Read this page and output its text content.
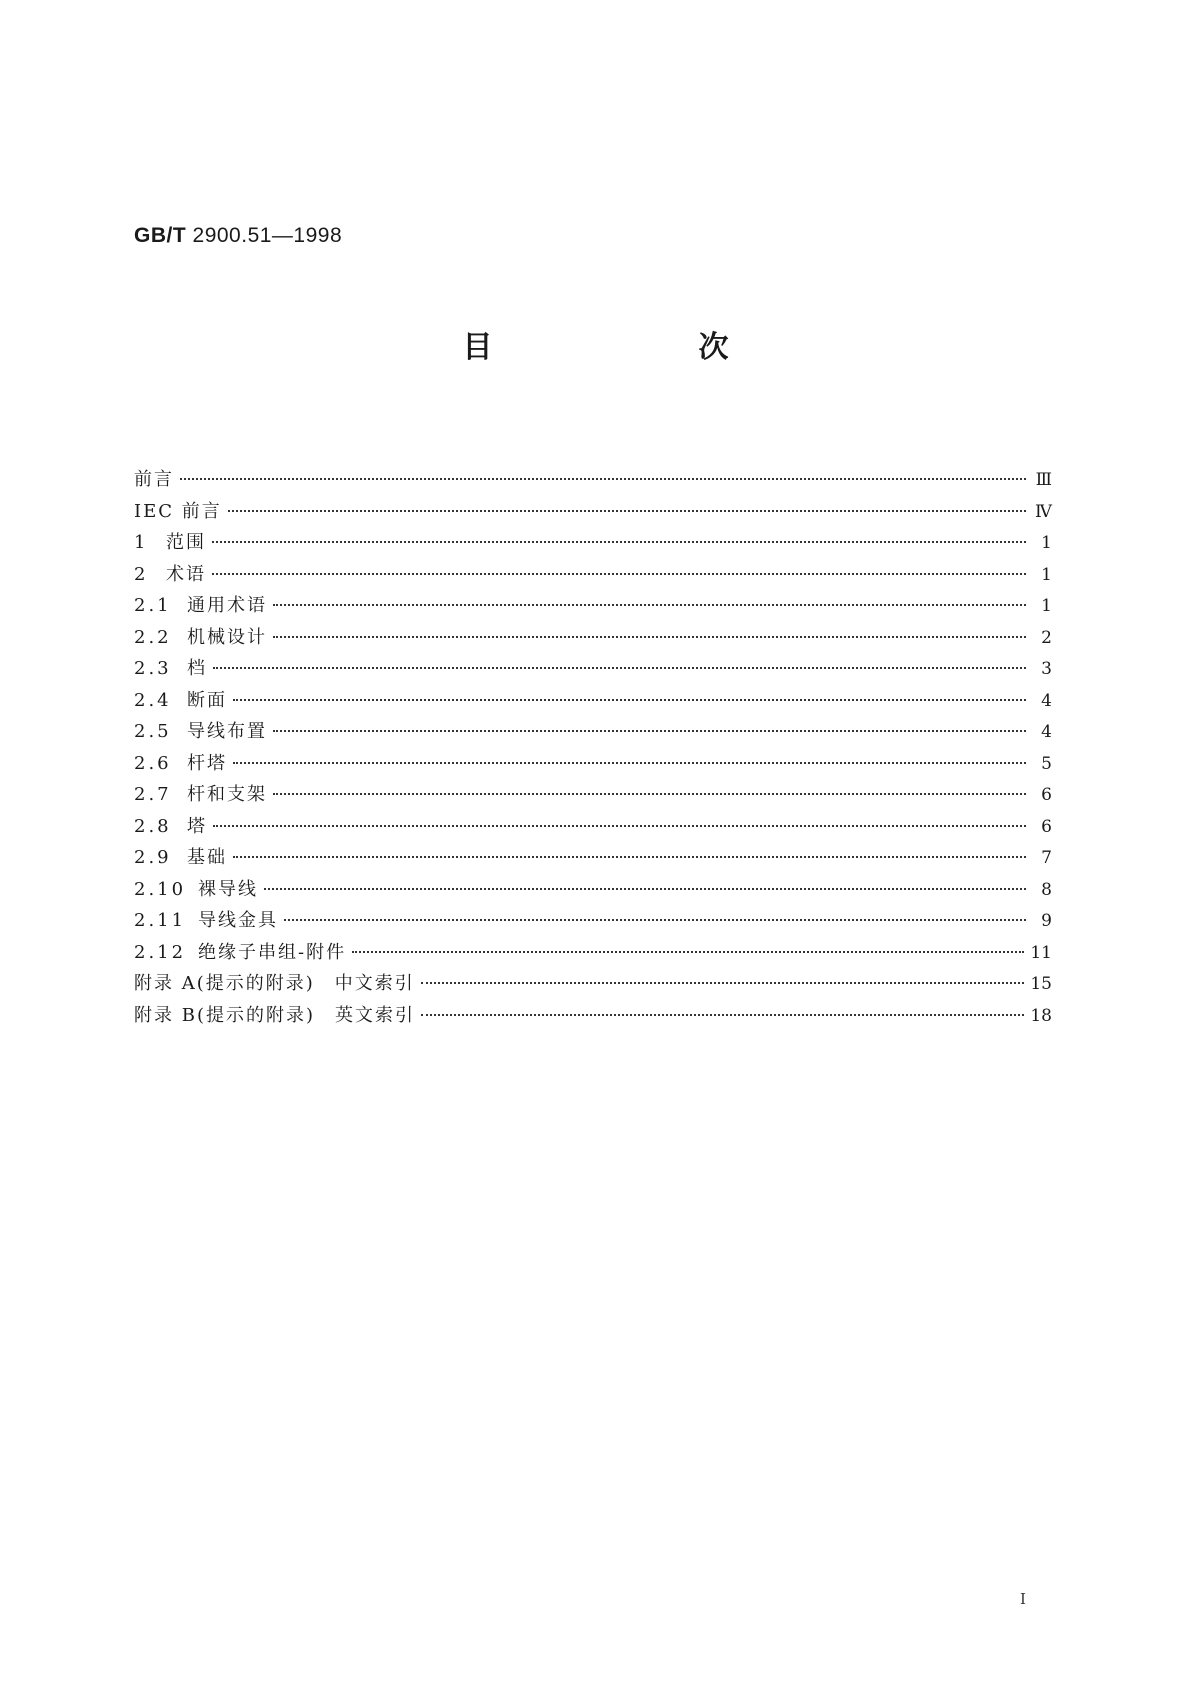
GB/T 2900.51—1998
目　次
前言	Ⅲ
IEC 前言	Ⅳ
1 范围	1
2 术语	1
2.1 通用术语	1
2.2 机械设计	2
2.3 档	3
2.4 断面	4
2.5 导线布置	4
2.6 杆塔	5
2.7 杆和支架	6
2.8 塔	6
2.9 基础	7
2.10 裸导线	8
2.11 导线金具	9
2.12 绝缘子串组-附件	11
附录 A(提示的附录)　中文索引	15
附录 B(提示的附录)　英文索引	18
I
